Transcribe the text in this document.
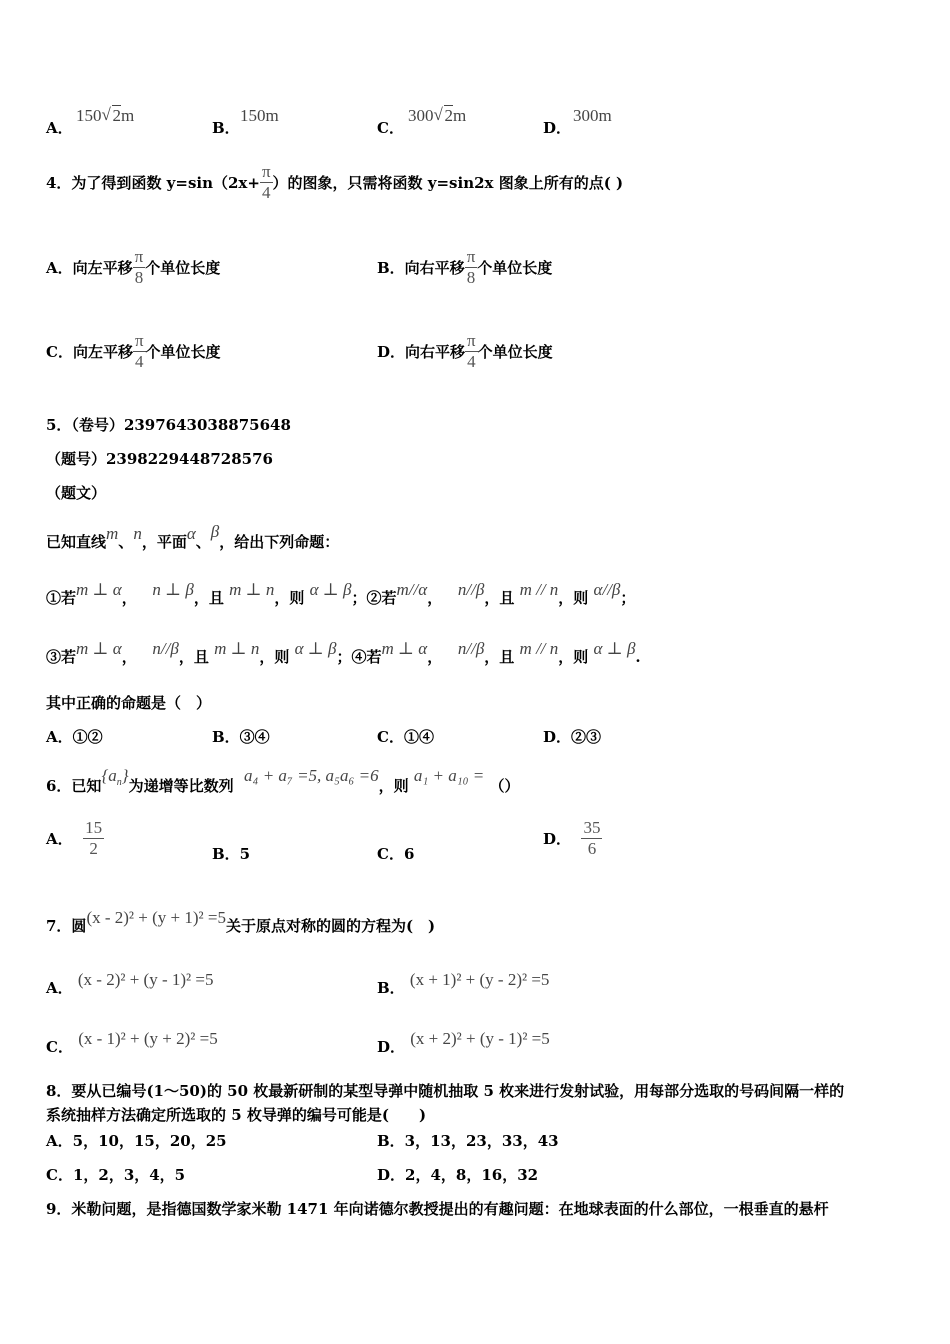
A．
150 √ 2m
B．
150m
C．
300 √ 2m
D．
300m
4．为了得到函数 $y=\sin(2x+ \frac{\pi}{4}$ ）的图象，只需将函数 y=sin2x 图象上所有的点( )
A．向左平移 $\frac{\pi}{8}$ 个单位长度	B．向右平移 $\frac{\pi}{8}$ 个单位长度
C．向左平移 $\frac{\pi}{4}$ 个单位长度	D．向右平移 $\frac{\pi}{4}$ 个单位长度
5．（卷号）2397643038875648
（题号）2398229448728576
（题文）
已知直线m、n，平面α、β，给出下列命题：
①若m ⊥ α， n ⊥ β，且 m ⊥ n，则 α ⊥ β；②若m//α， n//β，且 m // n，则 α//β；
③若m ⊥ α， n//β，且 m ⊥ n，则 α ⊥ β；④若m ⊥ α， n//β，且 m // n，则 α ⊥ β.
其中正确的命题是（　）
A．①②	B．③④	C．①④	D．②③
6．已知$\{a_n\}$为递增等比数列  a₄ + a₇ =5, a₅a₆ =6，则 a₁ + a₁₀ = （）
A．
$\frac{15}{2}$	B．5	C．6
D．
$\frac{35}{6}$
7．圆(x - 2)² + (y + 1)² =5关于原点对称的圆的方程为(　)
A． (x - 2)² + (y - 1)² =5	B． (x + 1)² + (y - 2)² =5
C． (x - 1)² + (y + 2)² =5	D． (x + 2)² + (y - 1)² =5
8．要从已编号(1～50)的 50 枚最新研制的某型导弹中随机抽取 5 枚来进行发射试验，用每部分选取的号码间隔一样的
系统抽样方法确定所选取的 5 枚导弹的编号可能是(　　)
A．5，10，15，20，25	B．3，13，23，33，43
C．1，2，3，4，5	D．2，4，8，16，32
9．米勒问题，是指德国数学家米勒 1471 年向诺德尔教授提出的有趣问题：在地球表面的什么部位，一根垂直的悬杆
